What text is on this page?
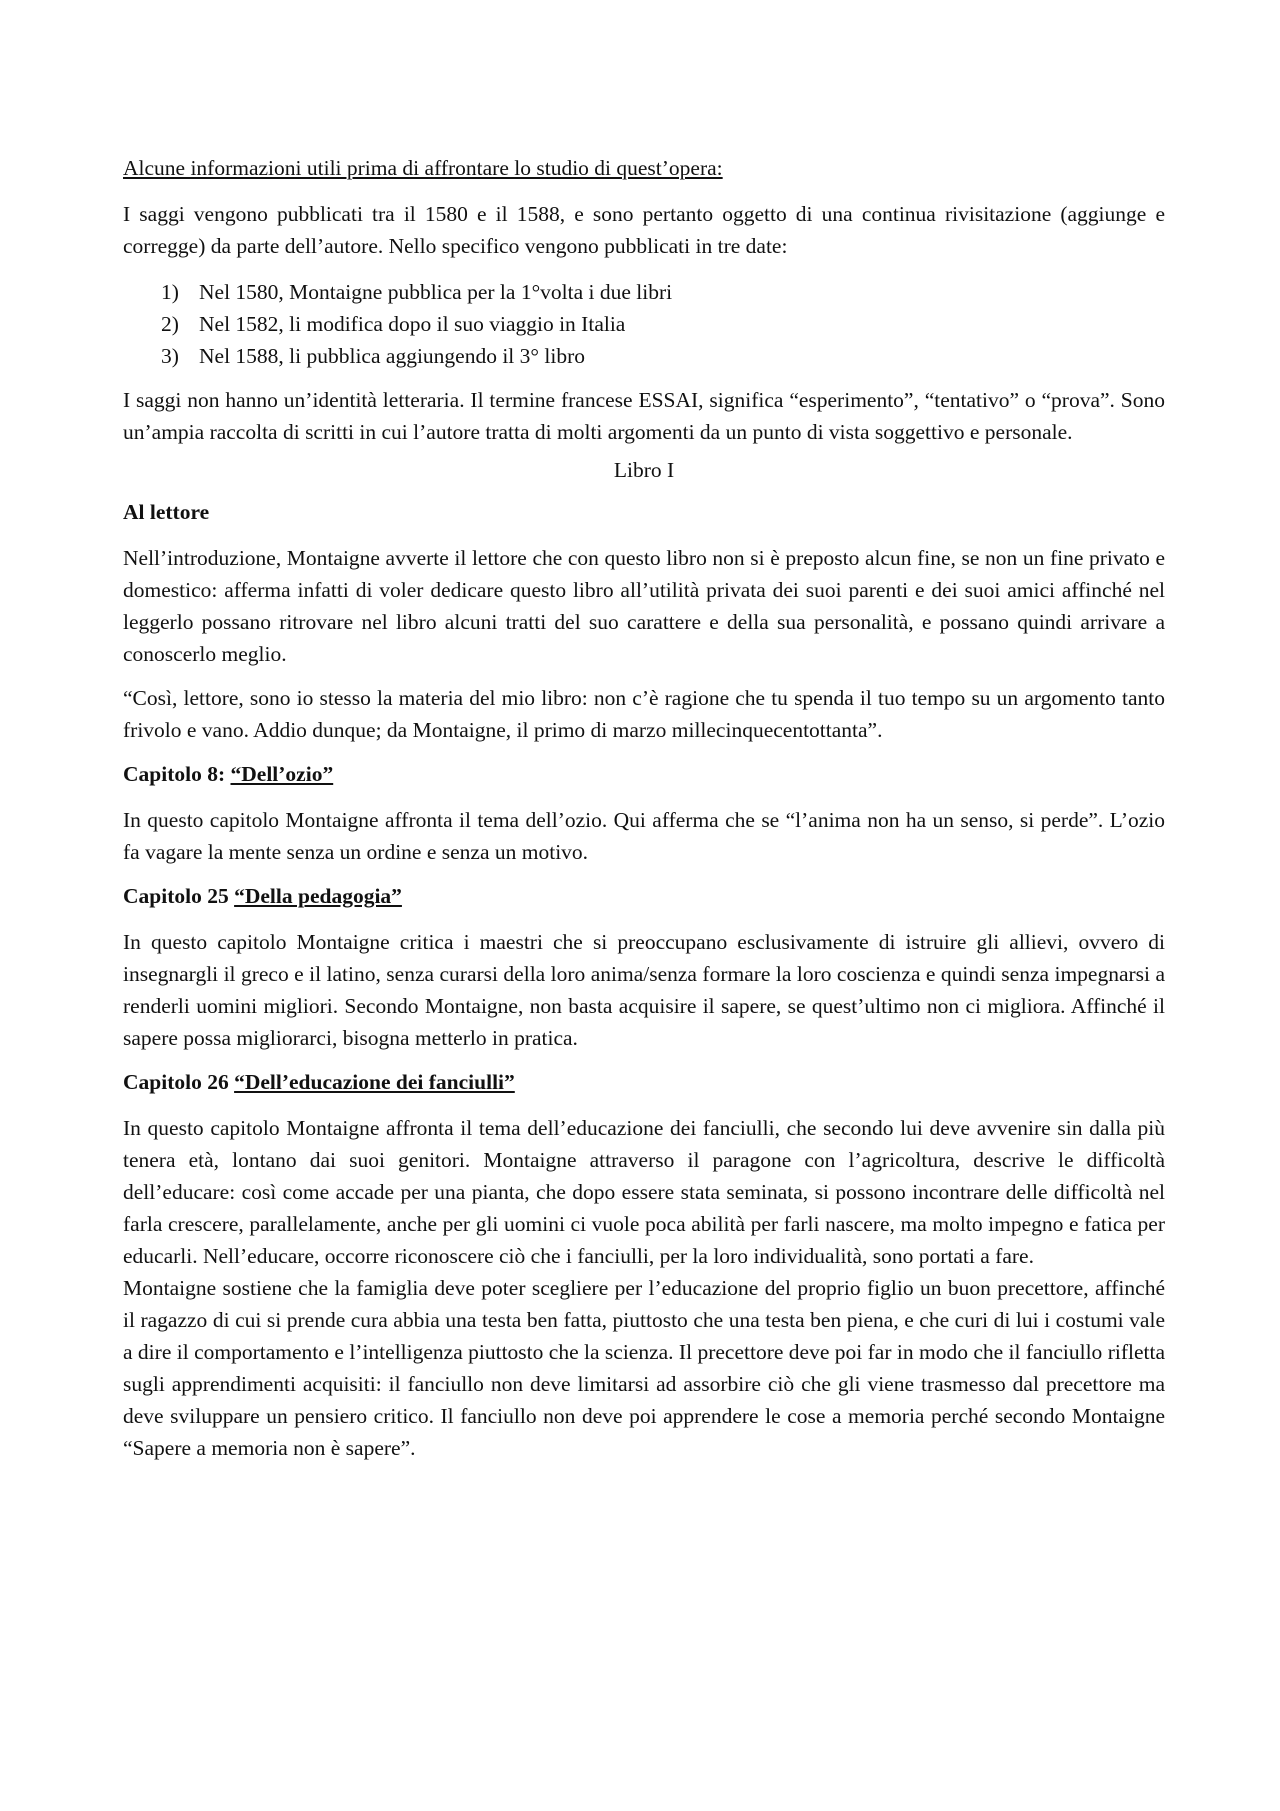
Alcune informazioni utili prima di affrontare lo studio di quest’opera:

I saggi vengono pubblicati tra il 1580 e il 1588, e sono pertanto oggetto di una continua rivisitazione (aggiunge e corregge) da parte dell’autore. Nello specifico vengono pubblicati in tre date:

1) Nel 1580, Montaigne pubblica per la 1°volta i due libri
2) Nel 1582, li modifica dopo il suo viaggio in Italia
3) Nel 1588, li pubblica aggiungendo il 3° libro

I saggi non hanno un’identità letteraria. Il termine francese ESSAI, significa “esperimento”, “tentativo” o “prova”. Sono un’ampia raccolta di scritti in cui l’autore tratta di molti argomenti da un punto di vista soggettivo e personale.

Libro I

Al lettore

Nell’introduzione, Montaigne avverte il lettore che con questo libro non si è preposto alcun fine, se non un fine privato e domestico: afferma infatti di voler dedicare questo libro all’utilità privata dei suoi parenti e dei suoi amici affinché nel leggerlo possano ritrovare nel libro alcuni tratti del suo carattere e della sua personalità, e possano quindi arrivare a conoscerlo meglio.

“Così, lettore, sono io stesso la materia del mio libro: non c’è ragione che tu spenda il tuo tempo su un argomento tanto frivolo e vano. Addio dunque; da Montaigne, il primo di marzo millecinquecentottanta”.

Capitolo 8: “Dell’ozio”

In questo capitolo Montaigne affronta il tema dell’ozio. Qui afferma che se “l’anima non ha un senso, si perde”. L’ozio fa vagare la mente senza un ordine e senza un motivo.

Capitolo 25 “Della pedagogia”

In questo capitolo Montaigne critica i maestri che si preoccupano esclusivamente di istruire gli allievi, ovvero di insegnargli il greco e il latino, senza curarsi della loro anima/senza formare la loro coscienza e quindi senza impegnarsi a renderli uomini migliori. Secondo Montaigne, non basta acquisire il sapere, se quest’ultimo non ci migliora. Affinché il sapere possa migliorarci, bisogna metterlo in pratica.

Capitolo 26 “Dell’educazione dei fanciulli”

In questo capitolo Montaigne affronta il tema dell’educazione dei fanciulli, che secondo lui deve avvenire sin dalla più tenera età, lontano dai suoi genitori. Montaigne attraverso il paragone con l’agricoltura, descrive le difficoltà dell’educare: così come accade per una pianta, che dopo essere stata seminata, si possono incontrare delle difficoltà nel farla crescere, parallelamente, anche per gli uomini ci vuole poca abilità per farli nascere, ma molto impegno e fatica per educarli. Nell’educare, occorre riconoscere ciò che i fanciulli, per la loro individualità, sono portati a fare.

Montaigne sostiene che la famiglia deve poter scegliere per l’educazione del proprio figlio un buon precettore, affinché il ragazzo di cui si prende cura abbia una testa ben fatta, piuttosto che una testa ben piena, e che curi di lui i costumi vale a dire il comportamento e l’intelligenza piuttosto che la scienza. Il precettore deve poi far in modo che il fanciullo rifletta sugli apprendimenti acquisiti: il fanciullo non deve limitarsi ad assorbire ciò che gli viene trasmesso dal precettore ma deve sviluppare un pensiero critico. Il fanciullo non deve poi apprendere le cose a memoria perché secondo Montaigne “Sapere a memoria non è sapere”.
